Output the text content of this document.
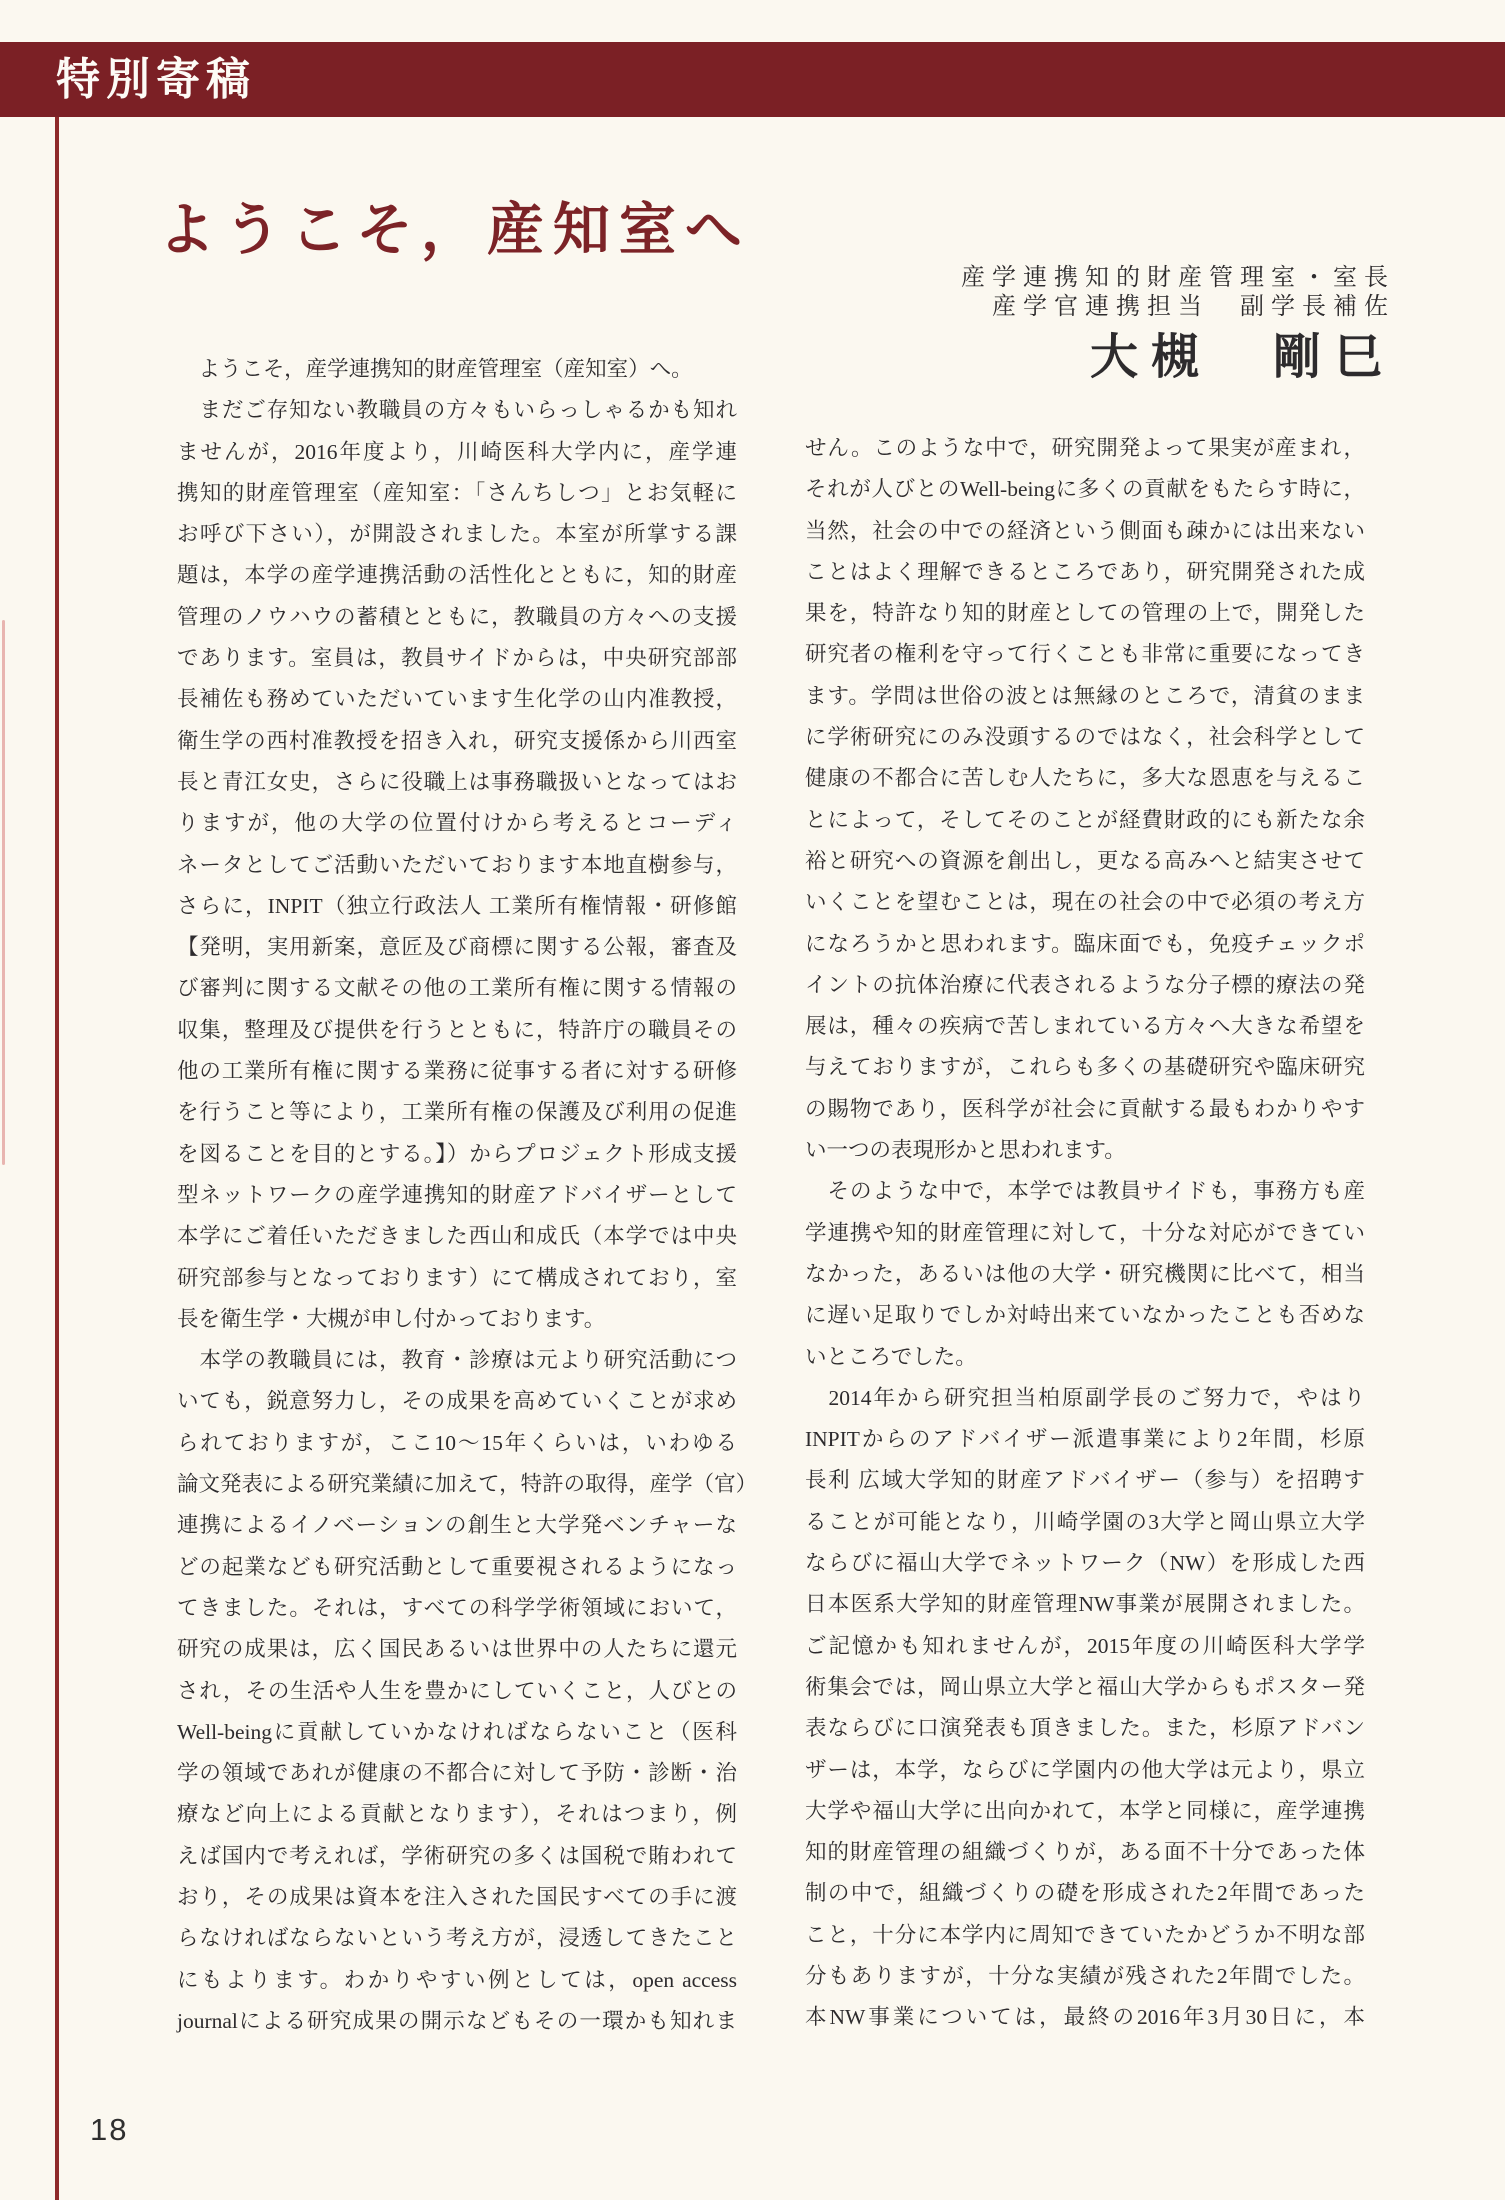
特別寄稿
ようこそ，産知室へ
産学連携知的財産管理室・室長
産学官連携担当　副学長補佐
大槻　剛巳
　ようこそ，産学連携知的財産管理室（産知室）へ。
　まだご存知ない教職員の方々もいらっしゃるかも知れ
ませんが，2016年度より，川崎医科大学内に，産学連
携知的財産管理室（産知室：「さんちしつ」とお気軽に
お呼び下さい），が開設されました。本室が所掌する課
題は，本学の産学連携活動の活性化とともに，知的財産
管理のノウハウの蓄積とともに，教職員の方々への支援
であります。室員は，教員サイドからは，中央研究部部
長補佐も務めていただいています生化学の山内准教授，
衛生学の西村准教授を招き入れ，研究支援係から川西室
長と青江女史，さらに役職上は事務職扱いとなってはお
りますが，他の大学の位置付けから考えるとコーディ
ネータとしてご活動いただいております本地直樹参与，
さらに，INPIT（独立行政法人 工業所有権情報・研修館
【発明，実用新案，意匠及び商標に関する公報，審査及
び審判に関する文献その他の工業所有権に関する情報の
収集，整理及び提供を行うとともに，特許庁の職員その
他の工業所有権に関する業務に従事する者に対する研修
を行うこと等により，工業所有権の保護及び利用の促進
を図ることを目的とする。】）からプロジェクト形成支援
型ネットワークの産学連携知的財産アドバイザーとして
本学にご着任いただきました西山和成氏（本学では中央
研究部参与となっております）にて構成されており，室
長を衛生学・大槻が申し付かっております。
　本学の教職員には，教育・診療は元より研究活動につ
いても，鋭意努力し，その成果を高めていくことが求め
られておりますが，ここ10～15年くらいは，いわゆる
論文発表による研究業績に加えて，特許の取得，産学（官）
連携によるイノベーションの創生と大学発ベンチャーな
どの起業なども研究活動として重要視されるようになっ
てきました。それは，すべての科学学術領域において，
研究の成果は，広く国民あるいは世界中の人たちに還元
され，その生活や人生を豊かにしていくこと，人びとの
Well-beingに貢献していかなければならないこと（医科
学の領域であれが健康の不都合に対して予防・診断・治
療など向上による貢献となります），それはつまり，例
えば国内で考えれば，学術研究の多くは国税で賄われて
おり，その成果は資本を注入された国民すべての手に渡
らなければならないという考え方が，浸透してきたこと
にもよります。わかりやすい例としては，open access
journalによる研究成果の開示などもその一環かも知れま
せん。このような中で，研究開発よって果実が産まれ，
それが人びとのWell-beingに多くの貢献をもたらす時に，
当然，社会の中での経済という側面も疎かには出来ない
ことはよく理解できるところであり，研究開発された成
果を，特許なり知的財産としての管理の上で，開発した
研究者の権利を守って行くことも非常に重要になってき
ます。学問は世俗の波とは無縁のところで，清貧のまま
に学術研究にのみ没頭するのではなく，社会科学として
健康の不都合に苦しむ人たちに，多大な恩恵を与えるこ
とによって，そしてそのことが経費財政的にも新たな余
裕と研究への資源を創出し，更なる高みへと結実させて
いくことを望むことは，現在の社会の中で必須の考え方
になろうかと思われます。臨床面でも，免疫チェックポ
イントの抗体治療に代表されるような分子標的療法の発
展は，種々の疾病で苦しまれている方々へ大きな希望を
与えておりますが，これらも多くの基礎研究や臨床研究
の賜物であり，医科学が社会に貢献する最もわかりやす
い一つの表現形かと思われます。
　そのような中で，本学では教員サイドも，事務方も産
学連携や知的財産管理に対して，十分な対応ができてい
なかった，あるいは他の大学・研究機関に比べて，相当
に遅い足取りでしか対峙出来ていなかったことも否めな
いところでした。
　2014年から研究担当柏原副学長のご努力で，やはり
INPITからのアドバイザー派遣事業により2年間，杉原
長利 広域大学知的財産アドバイザー（参与）を招聘す
ることが可能となり，川崎学園の3大学と岡山県立大学
ならびに福山大学でネットワーク（NW）を形成した西
日本医系大学知的財産管理NW事業が展開されました。
ご記憶かも知れませんが，2015年度の川崎医科大学学
術集会では，岡山県立大学と福山大学からもポスター発
表ならびに口演発表も頂きました。また，杉原アドバン
ザーは，本学，ならびに学園内の他大学は元より，県立
大学や福山大学に出向かれて，本学と同様に，産学連携
知的財産管理の組織づくりが，ある面不十分であった体
制の中で，組織づくりの礎を形成された2年間であった
こと，十分に本学内に周知できていたかどうか不明な部
分もありますが，十分な実績が残された2年間でした。
本NW事業については，最終の2016年3月30日に，本
18
